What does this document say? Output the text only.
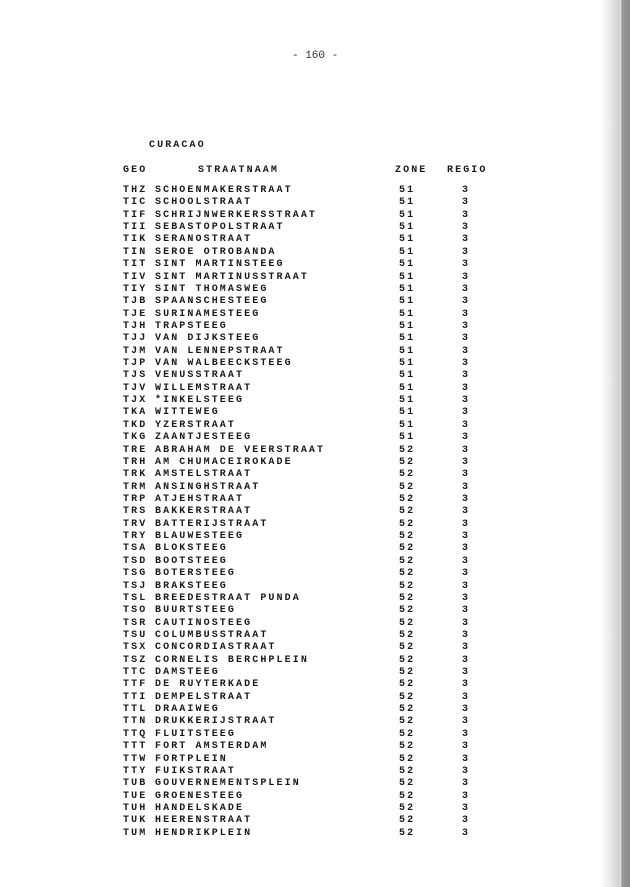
- 160 -
CURACAO
GEO	STRAATNAAM	ZONE REGIO
THZ SCHOENMAKERSTRAAT	51	3
TIC SCHOOLSTRAAT	51	3
TIF SCHRIJNWERKERSSTRAAT	51	3
TII SEBASTOPOLSTRAAT	51	3
TIK SERANOSTRAAT	51	3
TIN SEROE OTROBANDA	51	3
TIT SINT MARTINSTEEG	51	3
TIV SINT MARTINUSSTRAAT	51	3
TIY SINT THOMASWEG	51	3
TJB SPAANSCHESTEEG	51	3
TJE SURINAMESTEEG	51	3
TJH TRAPSTEEG	51	3
TJJ VAN DIJKSTEEG	51	3
TJM VAN LENNEPSTRAAT	51	3
TJP VAN WALBEECKSTEEG	51	3
TJS VENUSSTRAAT	51	3
TJV WILLEMSTRAAT	51	3
TJX *INKELSTEEG	51	3
TKA WITTEWEG	51	3
TKD YZERSTRAAT	51	3
TKG ZAANTJESTEEG	51	3
TRE ABRAHAM DE VEERSTRAAT	52	3
TRH AM CHUMACEIROKADE	52	3
TRK AMSTELSTRAAT	52	3
TRM ANSINGHSTRAAT	52	3
TRP ATJEHSTRAAT	52	3
TRS BAKKERSTRAAT	52	3
TRV BATTERIJSTRAAT	52	3
TRY BLAUWESTEEG	52	3
TSA BLOKSTEEG	52	3
TSD BOOTSTEEG	52	3
TSG BOTERSTEEG	52	3
TSJ BRAKSTEEG	52	3
TSL BREEDESTRAAT PUNDA	52	3
TSO BUURTSTEEG	52	3
TSR CAUTINOSTEEG	52	3
TSU COLUMBUSSTRAAT	52	3
TSX CONCORDIASTRAAT	52	3
TSZ CORNELIS BERCHPLEIN	52	3
TTC DAMSTEEG	52	3
TTF DE RUYTERKADE	52	3
TTI DEMPELSTRAAT	52	3
TTL DRAAIWEG	52	3
TTN DRUKKERIJSTRAAT	52	3
TTQ FLUITSTEEG	52	3
TTT FORT AMSTERDAM	52	3
TTW FORTPLEIN	52	3
TTY FUIKSTRAAT	52	3
TUB GOUVERNEMENTSPLEIN	52	3
TUE GROENESTEEG	52	3
TUH HANDELSKADE	52	3
TUK HEERENSTRAAT	52	3
TUM HENDRIKPLEIN	52	3
